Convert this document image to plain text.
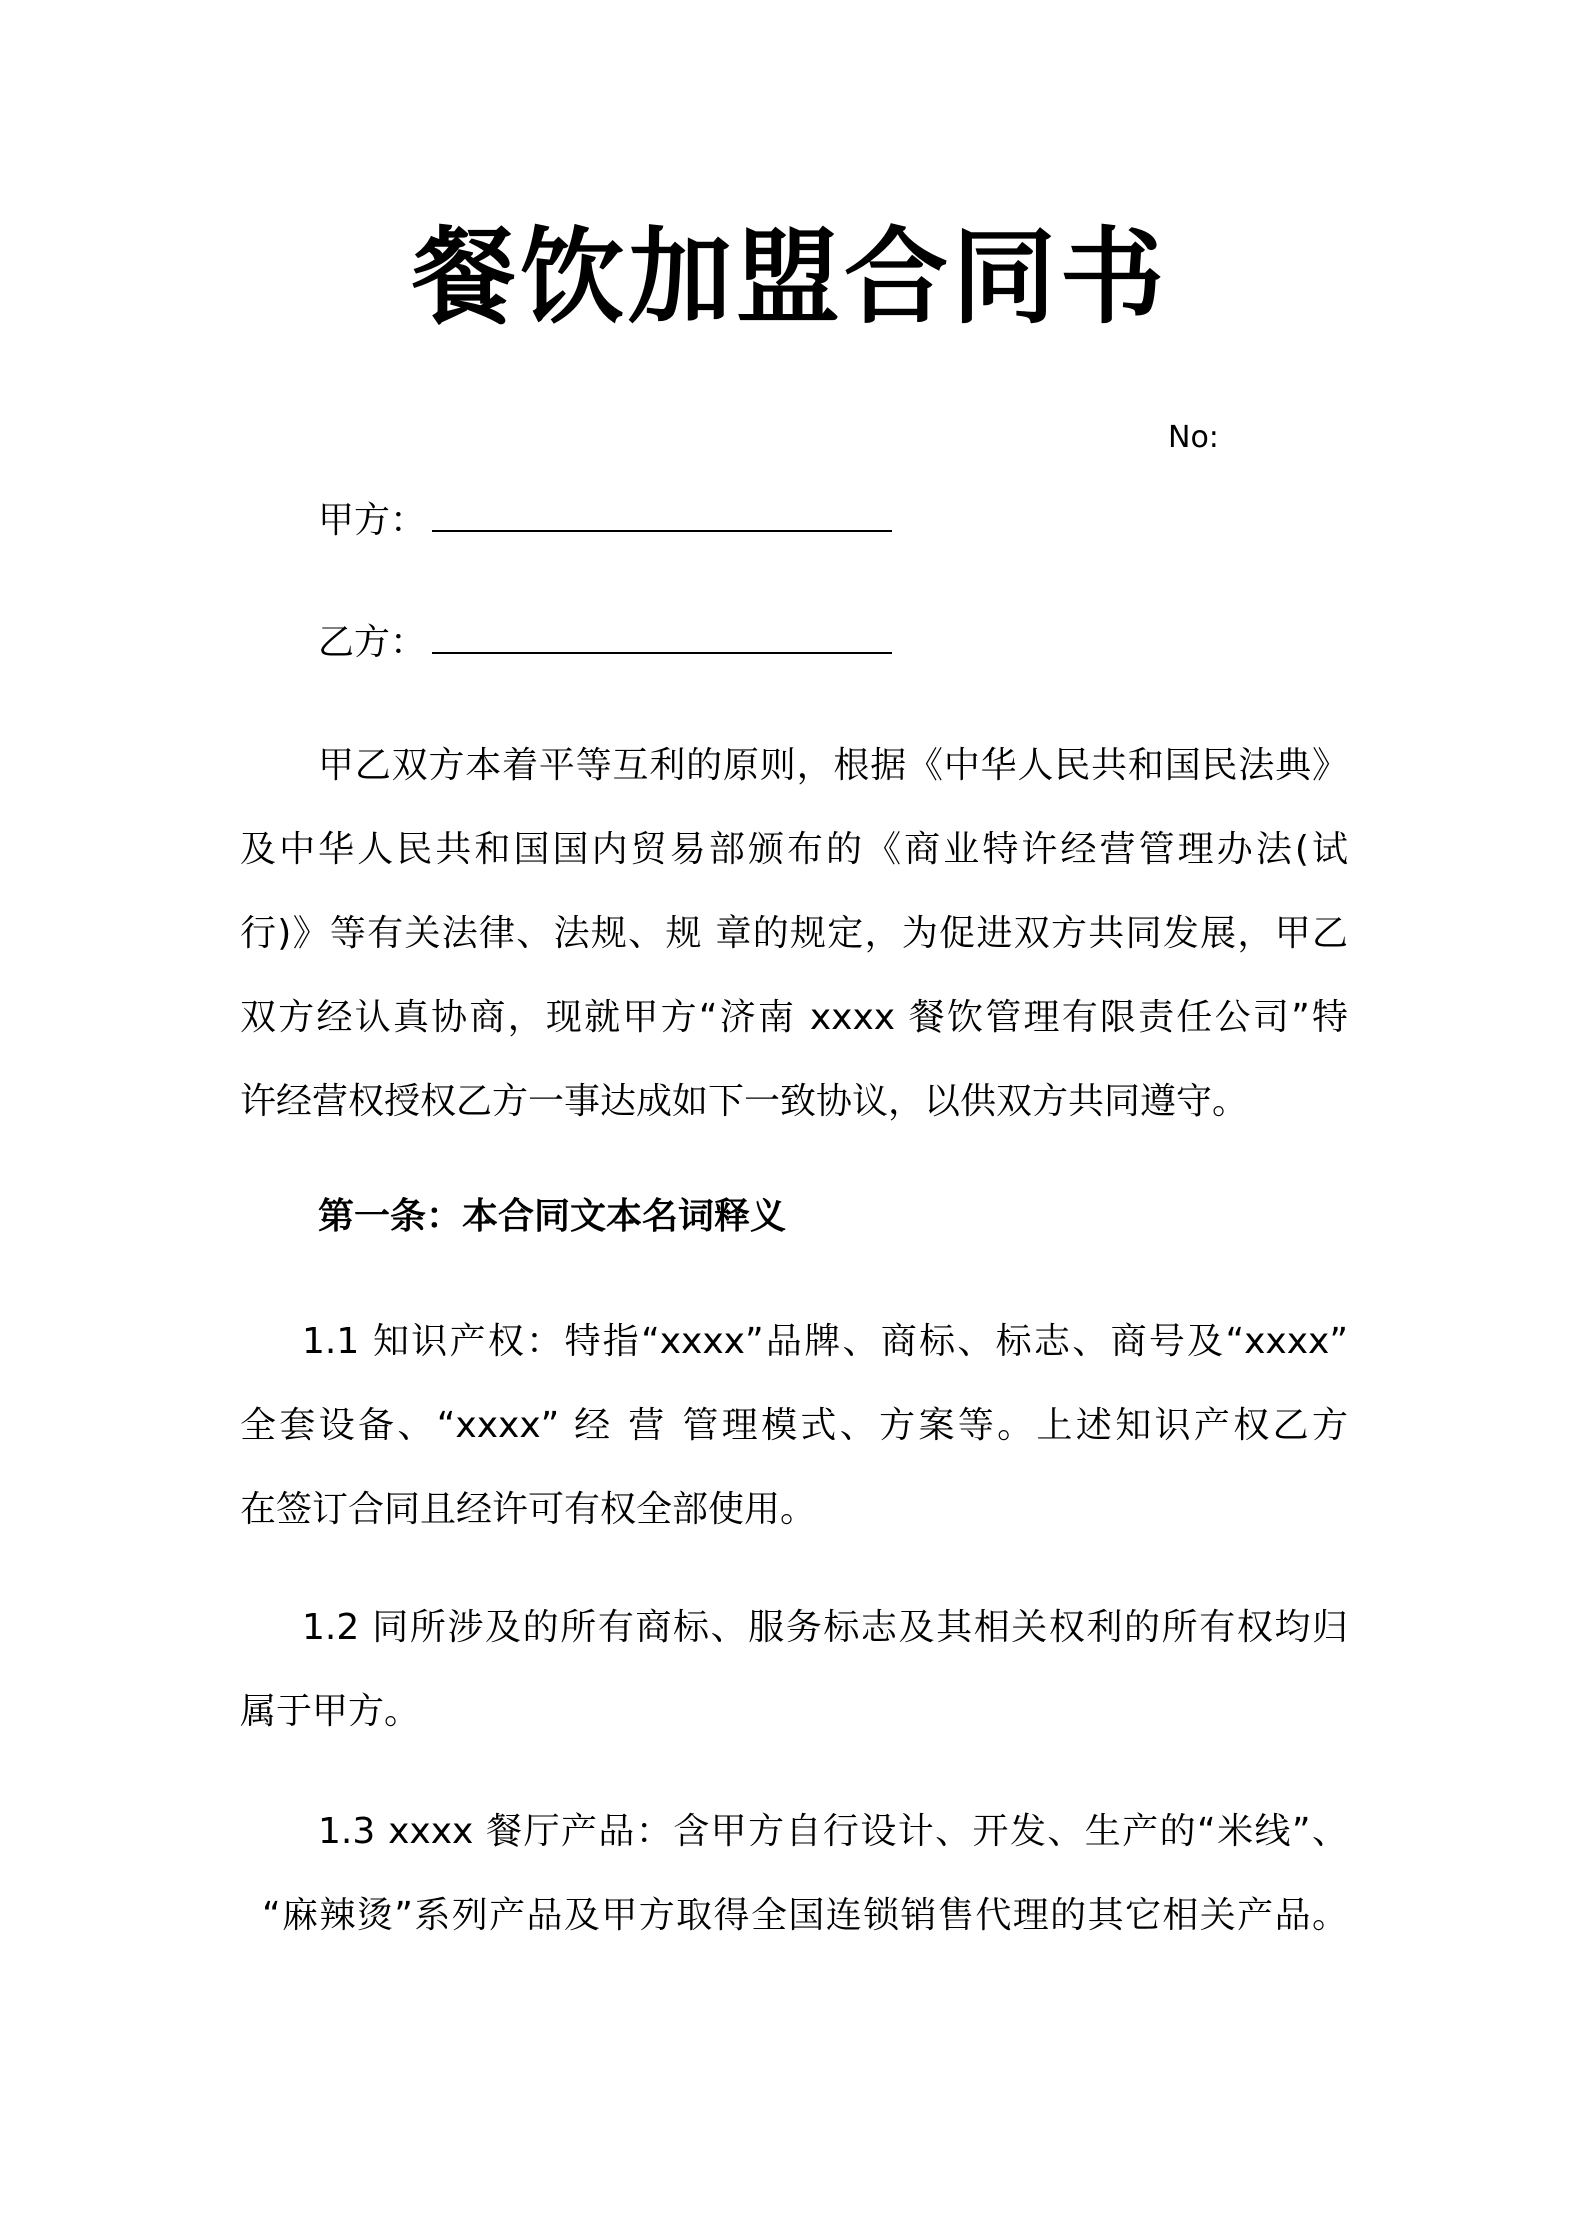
餐饮加盟合同书
No:
甲方：
乙方：
甲乙双方本着平等互利的原则，根据《中华人民共和国民法典》
及中华人民共和国国内贸易部颁布的《商业特许经营管理办法(试
行)》等有关法律、法规、规 章的规定，为促进双方共同发展，甲乙
双方经认真协商，现就甲方“济南 xxxx 餐饮管理有限责任公司”特
许经营权授权乙方一事达成如下一致协议，以供双方共同遵守。
第一条：本合同文本名词释义
1.1 知识产权：特指“xxxx”品牌、商标、标志、商号及“xxxx”
全套设备、“xxxx” 经 营 管理模式、方案等。上述知识产权乙方
在签订合同且经许可有权全部使用。
1.2 同所涉及的所有商标、服务标志及其相关权利的所有权均归
属于甲方。
1.3 xxxx 餐厅产品：含甲方自行设计、开发、生产的“米线”、
“麻辣烫”系列产品及甲方取得全国连锁销售代理的其它相关产品。
